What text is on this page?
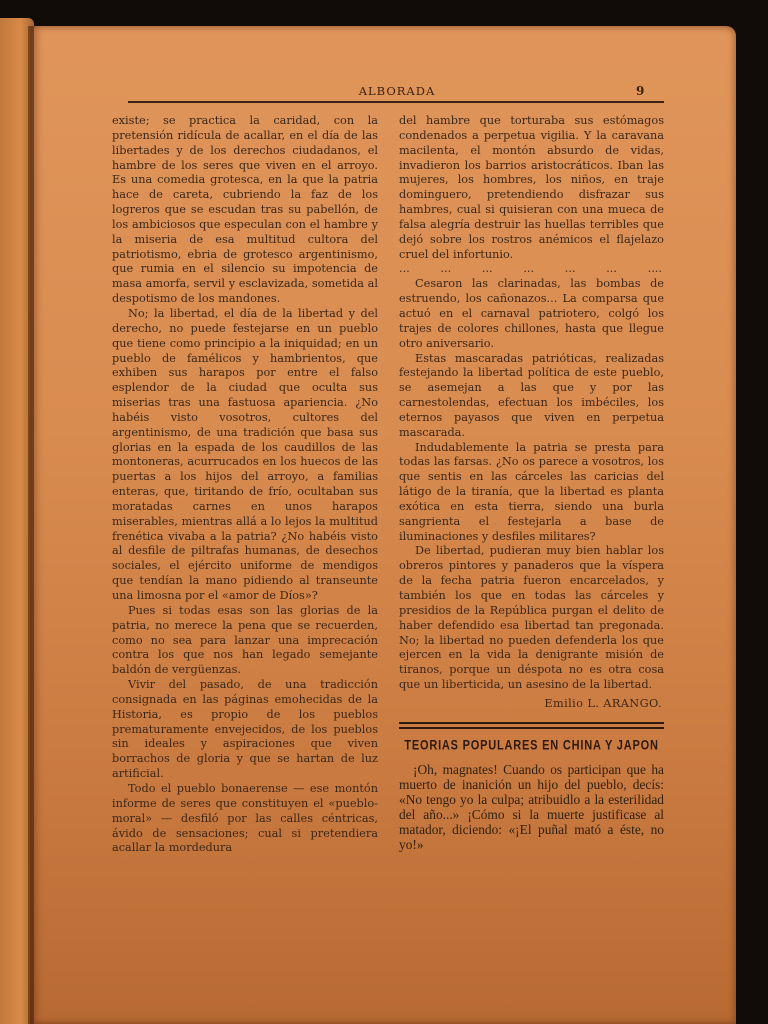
ALBORADA	9

existe; se practica la caridad, con la pretensión ridícula de acallar, en el día de las libertades y de los derechos ciudadanos, el hambre de los seres que viven en el arroyo. Es una comedia grotesca, en la que la patria hace de careta, cubriendo la faz de los logreros que se escudan tras su pabellón, de los ambiciosos que especulan con el hambre y la miseria de esa multitud cultora del patriotismo, ebria de grotesco argentinismo, que rumia en el silencio su impotencia de masa amorfa, servil y esclavizada, sometida al despotismo de los mandones.

No; la libertad, el día de la libertad y del derecho, no puede festejarse en un pueblo que tiene como principio a la iniquidad; en un pueblo de famélicos y hambrientos, que exhiben sus harapos por entre el falso esplendor de la ciudad que oculta sus miserias tras una fastuosa apariencia. ¿No habéis visto vosotros, cultores del argentinismo, de una tradición que basa sus glorias en la espada de los caudillos de las montoneras, acurrucados en los huecos de las puertas a los hijos del arroyo, a familias enteras, que, tiritando de frío, ocultaban sus moratadas carnes en unos harapos miserables, mientras allá a lo lejos la multitud frenética vivaba a la patria? ¿No habéis visto al desfile de piltrafas humanas, de desechos sociales, el ejército uniforme de mendigos que tendían la mano pidiendo al transeunte una limosna por el «amor de Díos»?

Pues si todas esas son las glorias de la patria, no merece la pena que se recuerden, como no sea para lanzar una imprecación contra los que nos han legado semejante baldón de vergüenzas.

Vivir del pasado, de una tradicción consignada en las páginas emohecidas de la Historia, es propio de los pueblos prematuramente envejecidos, de los pueblos sin ideales y aspiraciones que viven borrachos de gloria y que se hartan de luz artificial.

Todo el pueblo bonaerense — ese montón informe de seres que constituyen el «pueblo-moral» — desfiló por las calles céntricas, ávido de sensaciones; cual si pretendiera acallar la mordedura

del hambre que torturaba sus estómagos condenados a perpetua vigilia. Y la caravana macilenta, el montón absurdo de vidas, invadieron los barrios aristocráticos. Iban las mujeres, los hombres, los niños, en traje dominguero, pretendiendo disfrazar sus hambres, cual si quisieran con una mueca de falsa alegría destruir las huellas terribles que dejó sobre los rostros anémicos el flajelazo cruel del infortunio.

...	...	...	...	...	...	....

Cesaron las clarinadas, las bombas de estruendo, los cañonazos... La comparsa que actuó en el carnaval patriotero, colgó los trajes de colores chillones, hasta que llegue otro aniversario.

Estas mascaradas patrióticas, realizadas festejando la libertad política de este pueblo, se asemejan a las que y por las carnestolendas, efectuan los imbéciles, los eternos payasos que viven en perpetua mascarada.

Indudablemente la patria se presta para todas las farsas. ¿No os parece a vosotros, los que sentis en las cárceles las caricias del látigo de la tiranía, que la libertad es planta exótica en esta tierra, siendo una burla sangrienta el festejarla a base de iluminaciones y desfiles militares?

De libertad, pudieran muy bien hablar los obreros pintores y panaderos que la víspera de la fecha patria fueron encarcelados, y también los que en todas las cárceles y presidios de la República purgan el delito de haber defendido esa libertad tan pregonada. No; la libertad no pueden defenderla los que ejercen en la vida la denigrante misión de tiranos, porque un déspota no es otra cosa que un liberticida, un asesino de la libertad.

Emilio L. ARANGO.
TEORIAS POPULARES EN CHINA Y JAPON

¡Oh, magnates! Cuando os participan que ha muerto de inanición un hijo del pueblo, decís: «No tengo yo la culpa; atribuidlo a la esterilidad del año...» ¡Cómo si la muerte justificase al matador, diciendo: «¡El puñal mató a éste, no yo!»
